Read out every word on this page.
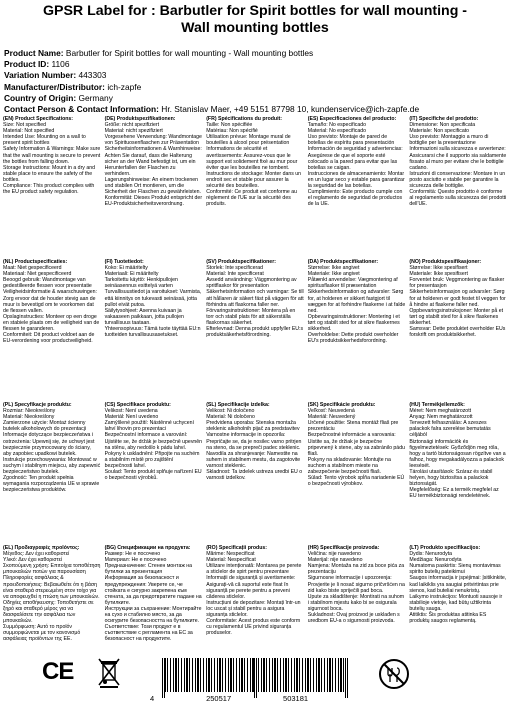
GPSR Label for : Barbutler for Spirit bottles for wall mounting -
Wall mounting bottles
Product Name: Barbutler for Spirit bottles for wall mounting - Wall mounting bottles
Product ID: 1106
Variation Number: 443303
Manufacturer/Distributor: ich-zapfe
Country of Origin: Germany
Contact Person & Contact Information: Hr. Stanislav Maer, +49 5151 87798 10, kundenservice@ich-zapfe.de
(EN) Product Specifications:
Size: Not specified
Material: Not specified
Intended Use: Mounting on a wall to present spirit bottles
Safety Information & Warnings: Make sure that the wall mounting is secure to prevent the bottles from falling down.
Storage Instructions: Mount in a dry and stable place to ensure the safety of the bottles.
Compliance: This product complies with the EU product safety regulation.
(DE) Produktspezifikationen:
Größe: nicht spezifiziert
Material: nicht spezifiziert
Vorgesehene Verwendung: Wandmontage von Spirituosenflaschen zur Präsentation
Sicherheitsinformationen & Warnhinweise: Achten Sie darauf, dass die Halterung sicher an der Wand befestigt ist, um ein Herunterfallen der Flaschen zu verhindern.
Lagerungshinweise: An einem trockenen und stabilen Ort montieren, um die Sicherheit der Flaschen zu gewährleisten.
Konformität: Dieses Produkt entspricht der EU-Produktsicherheitsverordnung.
(FR) Spécifications du produit:
Taille: Non spécifiée
Matériau: Non spécifié
Utilisation prévue: Montage mural de bouteilles à alcool pour présentation
Informations de sécurité et avertissements: Assurez-vous que le support est solidement fixé au mur pour éviter que les bouteilles ne tombent.
Instructions de stockage: Monter dans un endroit sec et stable pour assurer la sécurité des bouteilles.
Conformité: Ce produit est conforme au règlement de l'UE sur la sécurité des produits.
(ES) Especificaciones del producto:
Tamaño: No especificado
Material: No especificado
Uso previsto: Montaje de pared de botellas de espíritu para presentación
Información de seguridad y advertencias: Asegúrese de que el soporte esté colocado a la pared para evitar que las botellas se caigan.
Instrucciones de almacenamiento: Montar en un lugar seco y estable para garantizar la seguridad de las botellas.
Cumplimiento: Este producto cumple con el reglamento de seguridad de productos de la UE.
(IT) Specifiche del prodotto:
Dimensione: Non specificata
Materiale: Non specificato
Uso previsto: Montaggio a muro di bottiglie per la presentazione
Informazioni sulla sicurezza e avvertenze: Assicurarsi che il supporto sia saldamente fissato al muro per evitare che le bottiglie cadano.
Istruzioni di conservazione: Montare in un posto asciutto e stabile per garantire la sicurezza delle bottiglie.
Conformità: Questo prodotto è conforme al regolamento sulla sicurezza dei prodotti dell'UE.
(NL) Productspecificaties:
Maat: Niet gespecificeerd
Materiaal: Niet gespecificeerd
Beoogd gebruik: Wandmontage van gedestilleerde flessen voor presentatie
Veiligheidsinformatie & waarschuwingen: Zorg ervoor dat de houder stevig aan de muur is bevestigd om te voorkomen dat de flessen vallen.
Opslaginstructies: Monteer op een droge en stabiele plaats om de veiligheid van de flessen te garanderen.
Conformiteit: Dit product voldoet aan de EU-verordening voor productveiligheid.
(FI) Tuotetiedot:
Koko: Ei määritelty
Materiaali: Ei määritelty
Tarkoitettu käyttö: Henkipullojen seinäasennus esittelyä varten
Turvallisuustiedot ja varoitukset: Varmista, että kiinnitys on tukevasti seinässä, jotta pullot eivät putoa.
Säilytysohjeet: Asenna kuivaan ja vakaaseen paikkaan, jotta pullojen turvallisuus taataan.
Yhteensopivuus: Tämä tuote täyttää EU:n tuotteiden turvallisuusasetukset.
(SV) Produktspecifikationer:
Storlek: Inte specificerad
Material: Inte specificerat
Avsedd användning: Väggmontering av spritflaskor för presentation
Säkerhetsinformation och varningar: Se till att hållaren är säkert fäst på väggen för att förhindra att flaskorna faller ner.
Förvaringsinstruktioner: Montera på en torr och stabil plats för att säkerställa flaskornas säkerhet.
Efterlevnad: Denna produkt uppfyller EU:s produktsäkerhetsförordning.
(DA) Produktspecifikationer:
Størrelse: Ikke angivet
Materiale: Ikke angivet
Påtænkt anvendelse: Vægmontering af spiritusflasker til præsentation
Sikkerhedsinformation og advarsler: Sørg for, at holderen er sikkert fastgjort til væggen for at forhindre flaskerne i at falde ned.
Opbevaringsinstruktioner: Montering i et tørt og stabilt sted for at sikre flaskernes sikkerhed.
Overholdelse: Dette produkt overholder EU's produktsikkerhedsforordning.
(NO) Produktspesifikasjoner:
Størrelse: Ikke spesifisert
Materiale: Ikke spesifisert
Forventet bruk: Veggmontering av flasker for presentasjon
Sikkerhetsinformasjon og advarsler: Sørg for at holderen er godt festet til veggen for å hindre at flaskene faller ned.
Oppbevaringsinstruksjoner: Monter på et tørt og stabilt sted for å sikre flaskenes sikkerhet.
Samsvar: Dette produktet overholder EUs forskrift om produktsikkerhet.
(PL) Specyfikacje produktu:
Rozmiar: Nieokreślony
Materiał: Nieokreślony
Zamierzone użycie: Montaż ścienny butelek alkoholowych do prezentacji
Informacje dotyczące bezpieczeństwa i ostrzeżenia: Upewnij się, że uchwyt jest bezpiecznie przymocowany do ściany, aby zapobiec upadkowi butelek.
Instrukcje przechowywania: Montować w suchym i stabilnym miejscu, aby zapewnić bezpieczeństwo butelek.
Zgodność: Ten produkt spełnia wymagania rozporządzenia UE w sprawie bezpieczeństwa produktów.
(CS) Specifikace produktu:
Velikost: Není uvedena
Materiál: Není uvedeno
Zamýšlené použití: Nástěnné uchycení lahví lihovin pro prezentaci
Bezpečnostní informace a varování: Ujistěte se, že držák je bezpečně upevněn na stěnu, aby nedošlo k pádu lahví.
Pokyny k uskladnění: Připojte na suchém a stabilním místě pro zajištění bezpečnosti lahví.
Soulad: Tento produkt splňuje nařízení EU o bezpečnosti výrobků.
(SL) Specifikacije izdelka:
Velikost: Ni določeno
Material: Ni določeno
Predvidena uporaba: Stenska montaža steklenic alkoholnih pijač za predstavitev
Varnostne informacije in opozorila: Prepričajte se, da je nosilec varno pritrjen na steno, da se prepreči padec steklenic.
Navodila za shranjevanje: Namestite na suhem in stabilnem mestu, da zagotovite varnost steklenic.
Skladnost: Ta izdelek ustreza uredbi EU o varnosti izdelkov.
(SK) Špecifikácie produktu:
Veľkosť: Neuvedená
Materiál: Neuvedený
Určené použitie: Stena montáž fliaš pre prezentáciu
Bezpečnostné informácie a varovania: Uistite sa, že držiak je bezpečne pripevnený k stene, aby sa zabránilo pádu fliaš.
Pokyny na skladovanie: Montujte na suchom a stabilnom mieste na zabezpečenie bezpečnosti fliaš.
Súlad: Tento výrobok spĺňa nariadenie EÚ o bezpečnosti výrobkov.
(HU) Termékjellemzők:
Méret: Nem meghatározott
Anyag: Nem meghatározott
Tervezett felhasználás: A szeszes palackok falra szerelése bemutatás céljából
Biztonsági információk és figyelmeztetések: Győződjön meg róla, hogy a tartó biztonságosan rögzítve van a falhoz, hogy megakadályozza a palackok leesését.
Tárolási utasítások: Száraz és stabil helyen, hogy biztosítsa a palackok biztonságát.
Megfelelőség: Ez a termék megfelel az EU termékbiztonsági rendeletének.
(EL) Προδιαγραφές προϊόντος:
Μέγεθος: Δεν έχει καθοριστεί
Υλικό: Δεν έχει καθοριστεί
Σκοπούμενη χρήση: Επιτοίχια τοποθέτηση μπουκαλιών ποτών για παρουσίαση
Πληροφορίες ασφάλειας & προειδοποιήσεις: Βεβαιωθείτε ότι η βάση είναι σταθερά στερεωμένη στον τοίχο για να αποφευχθεί η πτώση των μπουκαλιών.
Οδηγίες αποθήκευσης: Τοποθετήστε σε ξηρό και σταθερό μέρος για να διασφαλίσετε την ασφάλεια των μπουκαλιών.
Συμμόρφωση: Αυτό το προϊόν συμμορφώνεται με τον κανονισμό ασφάλειας προϊόντων της ΕΕ.
(BG) Спецификации на продукта:
Размер: Не е посочено
Материал: Не е посочено
Предназначение: Стенен монтаж на бутилки за презентация
Информация за безопасност и предупреждения: Уверете се, че стойката е сигурно закрепена към стената, за да предотвратите падане на бутилките.
Инструкции за съхранение: Монтирайте на сухо и стабилно място, за да осигурите безопасността на бутилките.
Съответствие: Този продукт е в съответствие с регламента на ЕС за безопасност на продуктите.
(RO) Specificații produs:
Mărime: Nespecificat
Material: Nespecificat
Utilizare intenționată: Montarea pe perete a sticlelor de spirt pentru prezentare
Informații de siguranță și avertismente: Asigurați-vă că suportul este fixat în siguranță pe perete pentru a preveni căderea sticlelor.
Instrucțiuni de depozitare: Montați într-un loc uscat și stabil pentru a asigura siguranța sticlelor.
Conformitate: Acest produs este conform cu regulamentul UE privind siguranța produselor.
(HR) Specifikacije proizvoda:
Veličina: nije navedeno
Materijal: nije navedeno
Namjena: Montaža na zid za boce pića za prezentaciju
Sigurnosne informacije i upozorenja: Provjerite je li nosač sigurno pričvršćen na zid kako biste spriječili pad boca.
Upute za skladištenje: Montirati na suhom i stabilnom mjestu kako bi se osigurala sigurnost boca.
Sukladnost: Ovaj proizvod je usklađen s uredbom EU-a o sigurnosti proizvoda.
(LT) Produkto specifikacijos:
Dydis: Nenurodyta
Medžiaga: Nenurodyta
Numatoma paskirtis: Sienų montavimas spirito butelių pateikimui
Saugos informacija ir įspėjimai: Įsitikinkite, kad laikiklis yra saugiai pritvirtintas prie sienos, kad buteliai nenukristų.
Laikymo instrukcijos: Montuoti sausoje ir stabilioje vietoje, kad būtų užtikrinta butelių sauga.
Atitiktis: Šis produktas atitinka ES produktų saugos reglamentą.
CE
4	250517	503181
